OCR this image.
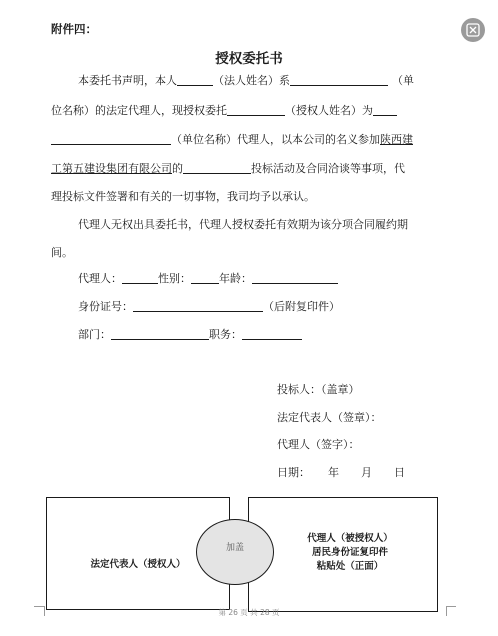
附件四：
授权委托书
本委托书声明，本人	（法人姓名）系	（单
位名称）的法定代理人，现授权委托	（授权人姓名）为
（单位名称）代理人，以本公司的名义参加陕西建
工第五建设集团有限公司的	投标活动及合同洽谈等事项，代
理投标文件签署和有关的一切事物，我司均予以承认。
代理人无权出具委托书，代理人授权委托有效期为该分项合同履约期
间。
代理人：	性别：	年龄：
身份证号：	（后附复印件）
部门：	职务：
投标人：（盖章）
法定代表人（签章）：
代理人（签字）：
日期： 年 月 日
法定代表人（授权人）
代理人（被授权人）
居民身份证复印件
粘贴处（正面）
加盖
第 26 页 共 28 页
